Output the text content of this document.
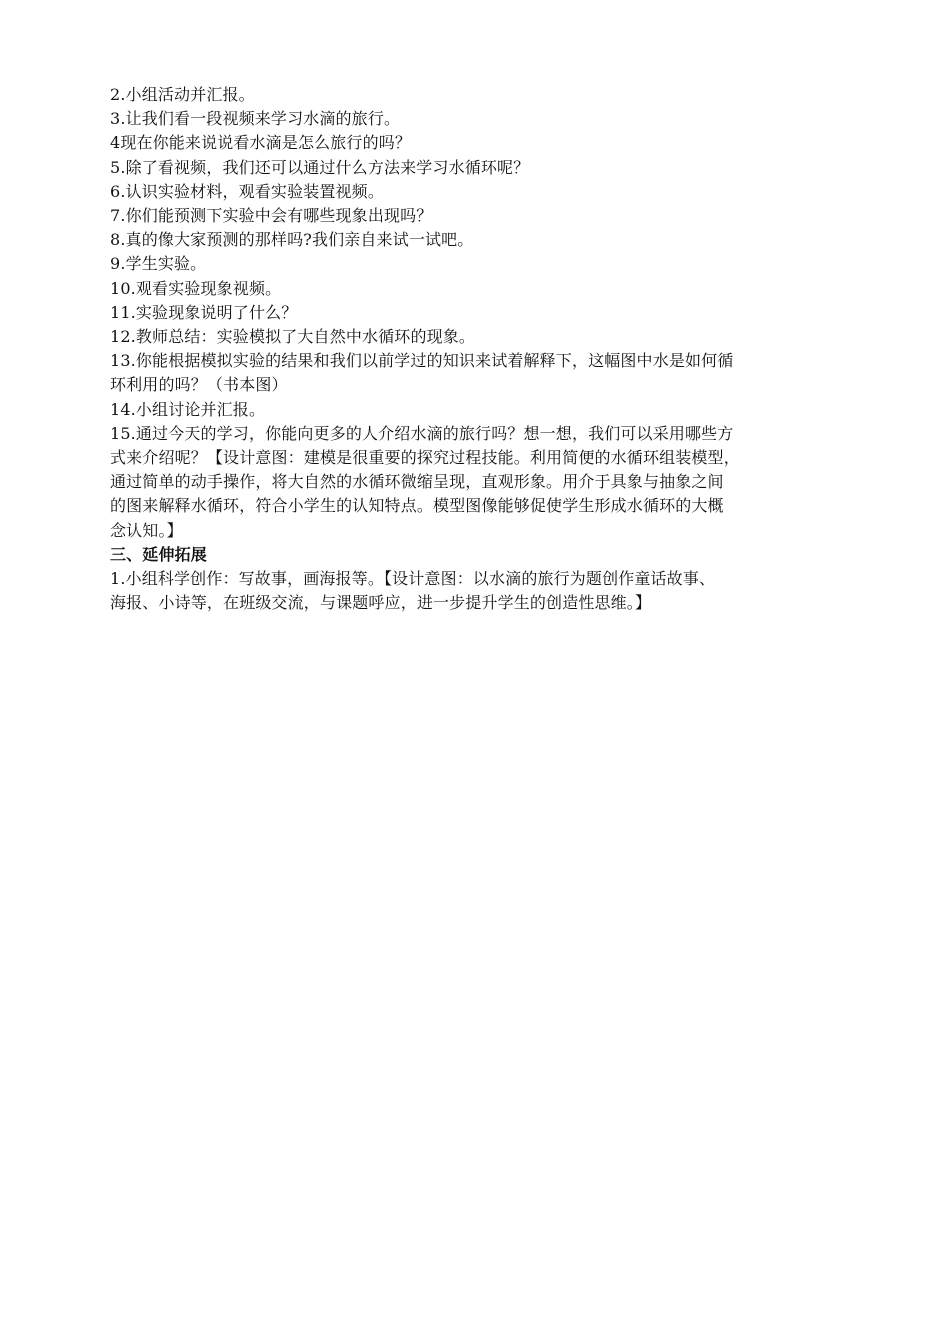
2.小组活动并汇报。
3.让我们看一段视频来学习水滴的旅行。
4现在你能来说说看水滴是怎么旅行的吗？
5.除了看视频，我们还可以通过什么方法来学习水循环呢？
6.认识实验材料，观看实验装置视频。
7.你们能预测下实验中会有哪些现象出现吗？
8.真的像大家预测的那样吗?我们亲自来试一试吧。
9.学生实验。
10.观看实验现象视频。
11.实验现象说明了什么？
12.教师总结：实验模拟了大自然中水循环的现象。
13.你能根据模拟实验的结果和我们以前学过的知识来试着解释下，这幅图中水是如何循
环利用的吗？（书本图）
14.小组讨论并汇报。
15.通过今天的学习，你能向更多的人介绍水滴的旅行吗？想一想，我们可以采用哪些方
式来介绍呢？【设计意图：建模是很重要的探究过程技能。利用简便的水循环组装模型，
通过简单的动手操作，将大自然的水循环微缩呈现，直观形象。用介于具象与抽象之间
的图来解释水循环，符合小学生的认知特点。模型图像能够促使学生形成水循环的大概
念认知。】
三、延伸拓展
1.小组科学创作：写故事，画海报等。【设计意图：以水滴的旅行为题创作童话故事、
海报、小诗等，在班级交流，与课题呼应，进一步提升学生的创造性思维。】
